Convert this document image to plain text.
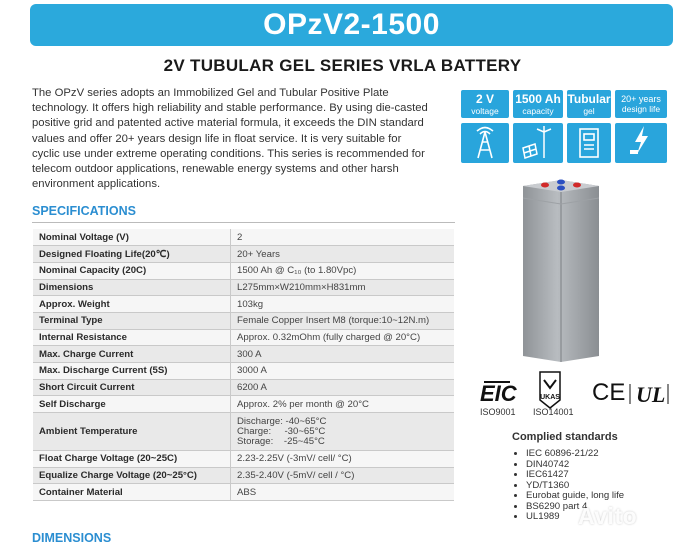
OPzV2-1500
2V TUBULAR GEL SERIES VRLA BATTERY
The OPzV series adopts an Immobilized Gel and Tubular Positive Plate technology. It offers high reliability and stable performance. By using die-casted positive grid and patented active material formula, it exceeds the DIN standard values and offer 20+ years design life in float service. It is very suitable for cyclic use under extreme operating conditions. This series is recommended for telecom outdoor applications, renewable energy systems and other harsh environment applications.
SPECIFICATIONS
Nominal Voltage (V)	2
Designed Floating Life(20℃)	20+ Years
Nominal Capacity (20C)	1500 Ah @ C₁₀ (to 1.80Vpc)
Dimensions	L275mm×W210mm×H831mm
Approx. Weight	103kg
Terminal Type	Female Copper Insert M8 (torque:10~12N.m)
Internal Resistance	Approx. 0.32mOhm (fully charged @ 20°C)
Max. Charge Current	300 A
Max. Discharge Current (5S)	3000 A
Short Circuit Current	6200 A
Self Discharge	Approx. 2% per month @ 20°C
Ambient Temperature	Discharge: -40~65°C
Charge:     -30~65°C
Storage:    -25~45°C

Float Charge Voltage (20~25C)	2.23-2.25V (-3mV/ cell/ °C)
Equalize Charge Voltage (20~25°C)	2.35-2.40V (-5mV/ cell / °C)
Container Material	ABS
DIMENSIONS
2 V
voltage
1500 Ah
capacity
Tubular
gel
20+ years
design life
EIC	UKAS CE UL
ISO9001 ISO14001
Complied standards
• IEC 60896-21/22
• DIN40742
• IEC61427
• YD/T1360
• Eurobat guide, long life
• BS6290 part 4
• UL1989 Avito
